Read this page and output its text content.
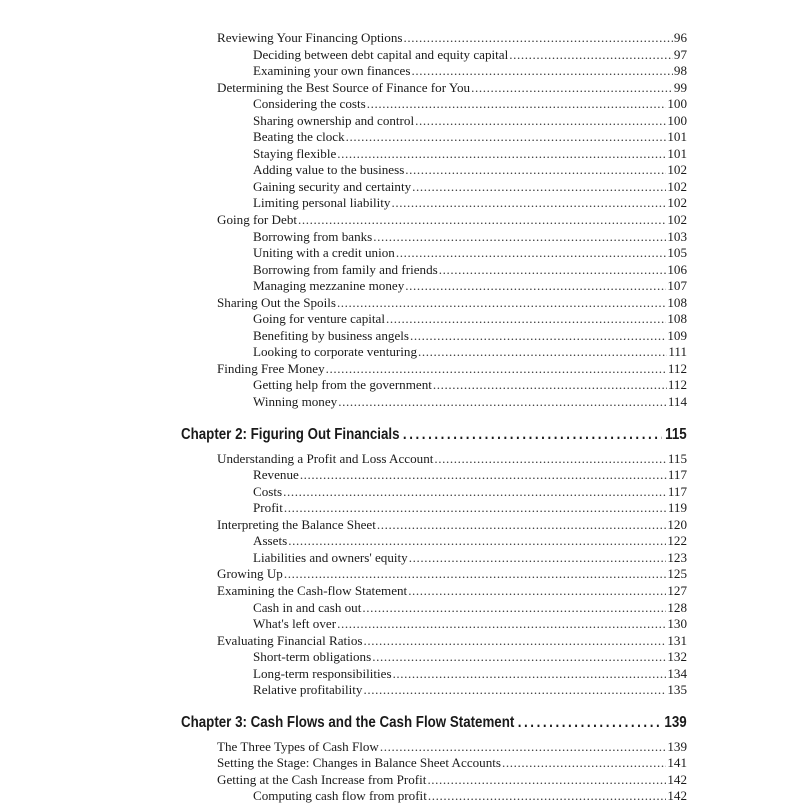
Reviewing Your Financing Options .....	96
Deciding between debt capital and equity capital .....	97
Examining your own finances .....	98
Determining the Best Source of Finance for You .....	99
Considering the costs .....	100
Sharing ownership and control .....	100
Beating the clock .....	101
Staying flexible .....	101
Adding value to the business .....	102
Gaining security and certainty .....	102
Limiting personal liability .....	102
Going for Debt .....	102
Borrowing from banks .....	103
Uniting with a credit union .....	105
Borrowing from family and friends .....	106
Managing mezzanine money .....	107
Sharing Out the Spoils .....	108
Going for venture capital .....	108
Benefiting by business angels .....	109
Looking to corporate venturing .....	111
Finding Free Money .....	112
Getting help from the government .....	112
Winning money .....	114
Chapter 2: Figuring Out Financials .....	115
Understanding a Profit and Loss Account .....	115
Revenue .....	117
Costs .....	117
Profit .....	119
Interpreting the Balance Sheet .....	120
Assets .....	122
Liabilities and owners' equity .....	123
Growing Up .....	125
Examining the Cash-flow Statement .....	127
Cash in and cash out .....	128
What's left over .....	130
Evaluating Financial Ratios .....	131
Short-term obligations .....	132
Long-term responsibilities .....	134
Relative profitability .....	135
Chapter 3: Cash Flows and the Cash Flow Statement .....	139
The Three Types of Cash Flow .....	139
Setting the Stage: Changes in Balance Sheet Accounts .....	141
Getting at the Cash Increase from Profit .....	142
Computing cash flow from profit .....	142
